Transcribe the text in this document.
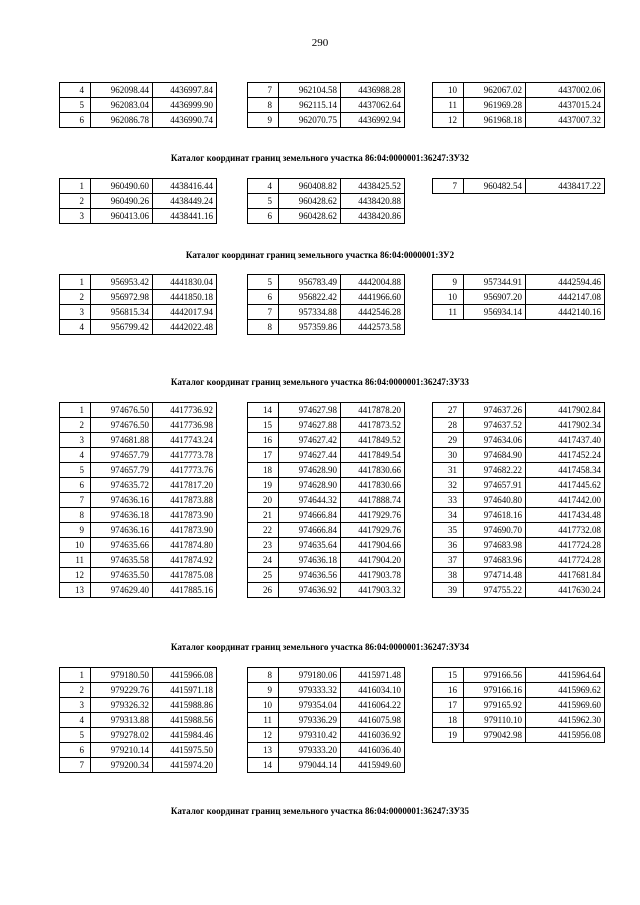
290
4	962098.44	4436997.84
5	962083.04	4436999.90
6	962086.78	4436990.74
7	962104.58	4436988.28
8	962115.14	4437062.64
9	962070.75	4436992.94
10	962067.02	4437002.06
11	961969.28	4437015.24
12	961968.18	4437007.32
Каталог координат границ земельного участка 86:04:0000001:36247:ЗУ32
1	960490.60	4438416.44
2	960490.26	4438449.24
3	960413.06	4438441.16
4	960408.82	4438425.52
5	960428.62	4438420.88
6	960428.62	4438420.86
7	960482.54	4438417.22
Каталог координат границ земельного участка 86:04:0000001:ЗУ2
1	956953.42	4441830.04
2	956972.98	4441850.18
3	956815.34	4442017.94
4	956799.42	4442022.48
5	956783.49	4442004.88
6	956822.42	4441966.60
7	957334.88	4442546.28
8	957359.86	4442573.58
9	957344.91	4442594.46
10	956907.20	4442147.08
11	956934.14	4442140.16
Каталог координат границ земельного участка 86:04:0000001:36247:ЗУ33
1	974676.50	4417736.92
2	974676.50	4417736.98
3	974681.88	4417743.24
4	974657.79	4417773.78
5	974657.79	4417773.76
6	974635.72	4417817.20
7	974636.16	4417873.88
8	974636.18	4417873.90
9	974636.16	4417873.90
10	974635.66	4417874.80
11	974635.58	4417874.92
12	974635.50	4417875.08
13	974629.40	4417885.16
14	974627.98	4417878.20
15	974627.88	4417873.52
16	974627.42	4417849.52
17	974627.44	4417849.54
18	974628.90	4417830.66
19	974628.90	4417830.66
20	974644.32	4417888.74
21	974666.84	4417929.76
22	974666.84	4417929.76
23	974635.64	4417904.66
24	974636.18	4417904.20
25	974636.56	4417903.78
26	974636.92	4417903.32
27	974637.26	4417902.84
28	974637.52	4417902.34
29	974634.06	4417437.40
30	974684.90	4417452.24
31	974682.22	4417458.34
32	974657.91	4417445.62
33	974640.80	4417442.00
34	974618.16	4417434.48
35	974690.70	4417732.08
36	974683.98	4417724.28
37	974683.96	4417724.28
38	974714.48	4417681.84
39	974755.22	4417630.24
Каталог координат границ земельного участка 86:04:0000001:36247:ЗУ34
1	979180.50	4415966.08
2	979229.76	4415971.18
3	979326.32	4415988.86
4	979313.88	4415988.56
5	979278.02	4415984.46
6	979210.14	4415975.50
7	979200.34	4415974.20
8	979180.06	4415971.48
9	979333.32	4416034.10
10	979354.04	4416064.22
11	979336.29	4416075.98
12	979310.42	4416036.92
13	979333.20	4416036.40
14	979044.14	4415949.60
15	979166.56	4415964.64
16	979166.16	4415969.62
17	979165.92	4415969.60
18	979110.10	4415962.30
19	979042.98	4415956.08
Каталог координат границ земельного участка 86:04:0000001:36247:ЗУ35
